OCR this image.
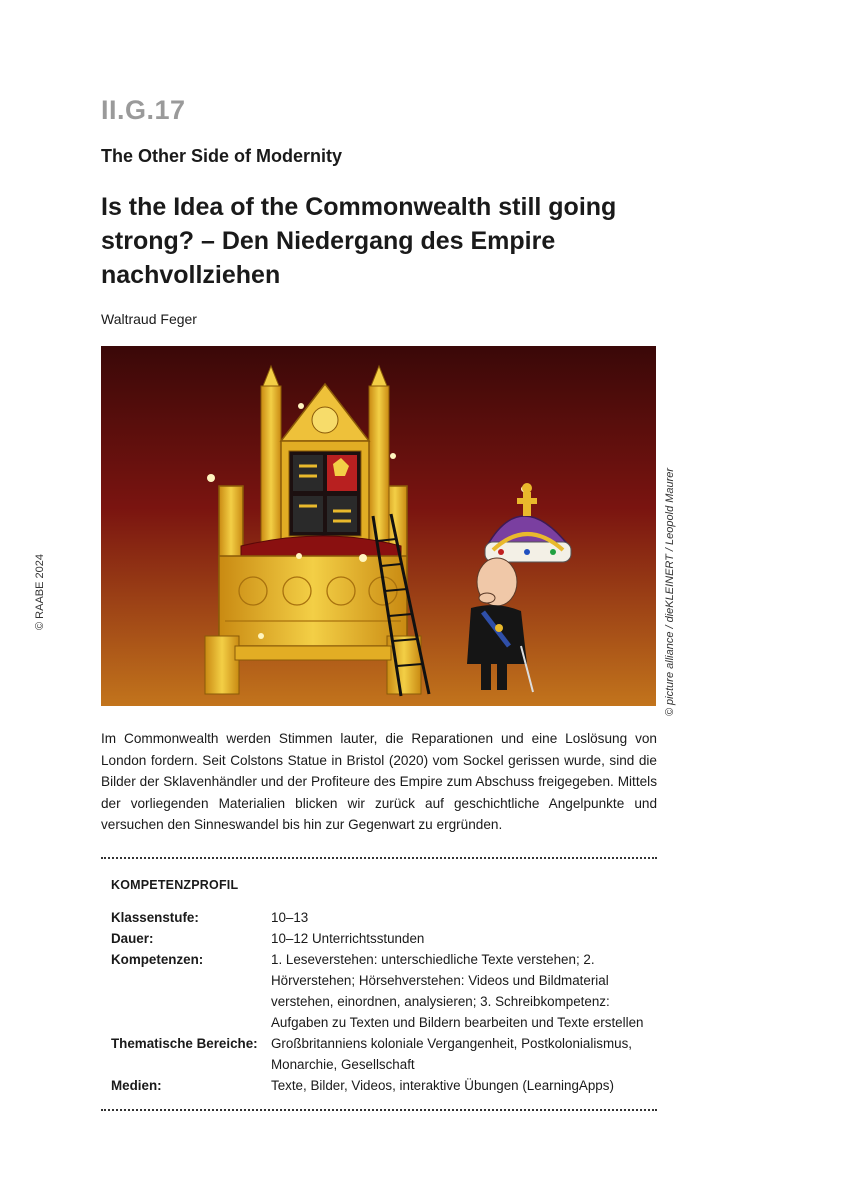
II.G.17
The Other Side of Modernity
Is the Idea of the Commonwealth still going strong? – Den Niedergang des Empire nachvollziehen
Waltraud Feger
© RAABE 2024	© picture alliance / dieKLEINERT / Leopold Maurer

Im Commonwealth werden Stimmen lauter, die Reparationen und eine Loslösung von London fordern. Seit Colstons Statue in Bristol (2020) vom Sockel gerissen wurde, sind die Bilder der Sklavenhändler und der Profiteure des Empire zum Abschuss freigegeben. Mittels der vorliegenden Materialien blicken wir zurück auf geschichtliche Angelpunkte und versuchen den Sinneswandel bis hin zur Gegenwart zu ergründen.

KOMPETENZPROFIL
Klassenstufe:	10–13
Dauer:	10–12 Unterrichtsstunden
Kompetenzen:	1. Leseverstehen: unterschiedliche Texte verstehen; 2. Hörverstehen; Hörsehverstehen: Videos und Bildmaterial verstehen, einordnen, analysieren; 3. Schreibkompetenz: Aufgaben zu Texten und Bildern bearbeiten und Texte erstellen
Thematische Bereiche: Großbritanniens koloniale Vergangenheit, Postkolonialismus, Monarchie, Gesellschaft
Medien:	Texte, Bilder, Videos, interaktive Übungen (LearningApps)
